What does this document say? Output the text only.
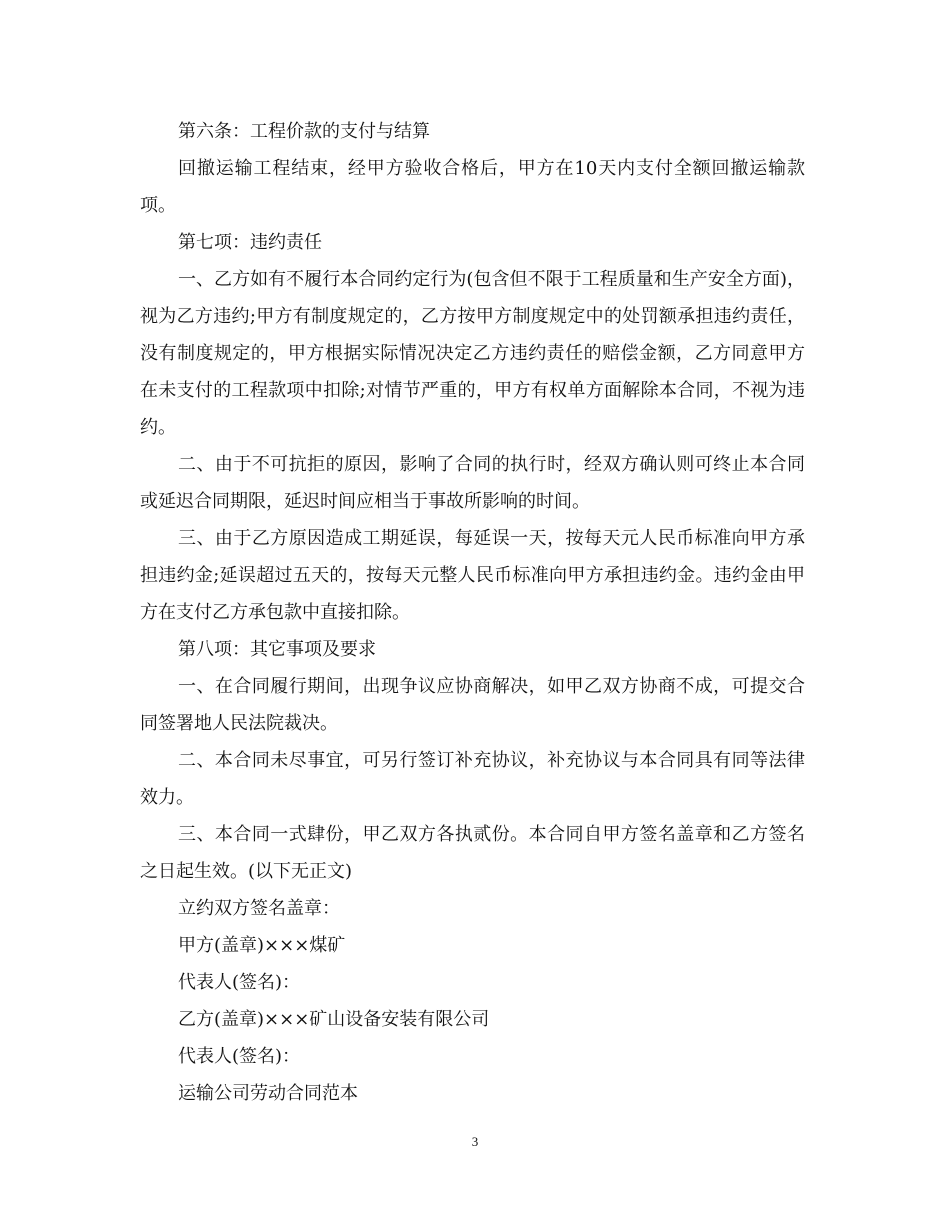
第六条：工程价款的支付与结算

回撤运输工程结束，经甲方验收合格后，甲方在10天内支付全额回撤运输款项。

第七项：违约责任

一、乙方如有不履行本合同约定行为(包含但不限于工程质量和生产安全方面)，视为乙方违约;甲方有制度规定的，乙方按甲方制度规定中的处罚额承担违约责任，没有制度规定的，甲方根据实际情况决定乙方违约责任的赔偿金额，乙方同意甲方在未支付的工程款项中扣除;对情节严重的，甲方有权单方面解除本合同，不视为违约。

二、由于不可抗拒的原因，影响了合同的执行时，经双方确认则可终止本合同或延迟合同期限，延迟时间应相当于事故所影响的时间。

三、由于乙方原因造成工期延误，每延误一天，按每天元人民币标准向甲方承担违约金;延误超过五天的，按每天元整人民币标准向甲方承担违约金。违约金由甲方在支付乙方承包款中直接扣除。

第八项：其它事项及要求

一、在合同履行期间，出现争议应协商解决，如甲乙双方协商不成，可提交合同签署地人民法院裁决。

二、本合同未尽事宜，可另行签订补充协议，补充协议与本合同具有同等法律效力。

三、本合同一式肆份，甲乙双方各执贰份。本合同自甲方签名盖章和乙方签名之日起生效。(以下无正文)

立约双方签名盖章：

甲方(盖章)×××煤矿

代表人(签名)：

乙方(盖章)×××矿山设备安装有限公司

代表人(签名)：

运输公司劳动合同范本

3
